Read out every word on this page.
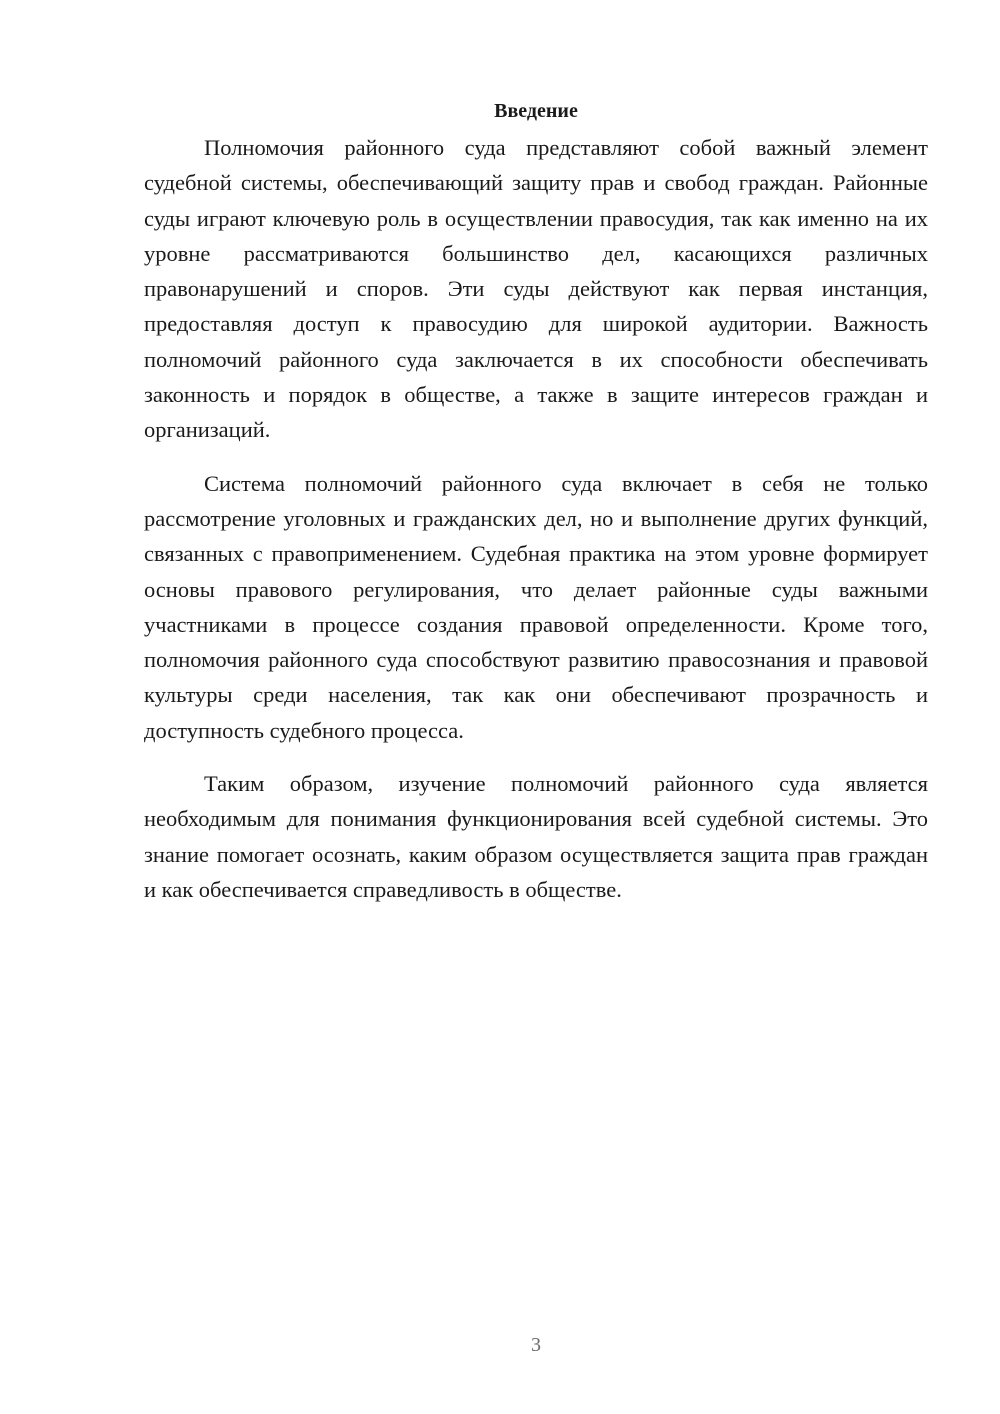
Введение

Полномочия районного суда представляют собой важный элемент судебной системы, обеспечивающий защиту прав и свобод граждан. Районные суды играют ключевую роль в осуществлении правосудия, так как именно на их уровне рассматриваются большинство дел, касающихся различных правонарушений и споров. Эти суды действуют как первая инстанция, предоставляя доступ к правосудию для широкой аудитории. Важность полномочий районного суда заключается в их способности обеспечивать законность и порядок в обществе, а также в защите интересов граждан и организаций.

Система полномочий районного суда включает в себя не только рассмотрение уголовных и гражданских дел, но и выполнение других функций, связанных с правоприменением. Судебная практика на этом уровне формирует основы правового регулирования, что делает районные суды важными участниками в процессе создания правовой определенности. Кроме того, полномочия районного суда способствуют развитию правосознания и правовой культуры среди населения, так как они обеспечивают прозрачность и доступность судебного процесса.

Таким образом, изучение полномочий районного суда является необходимым для понимания функционирования всей судебной системы. Это знание помогает осознать, каким образом осуществляется защита прав граждан и как обеспечивается справедливость в обществе.

3
